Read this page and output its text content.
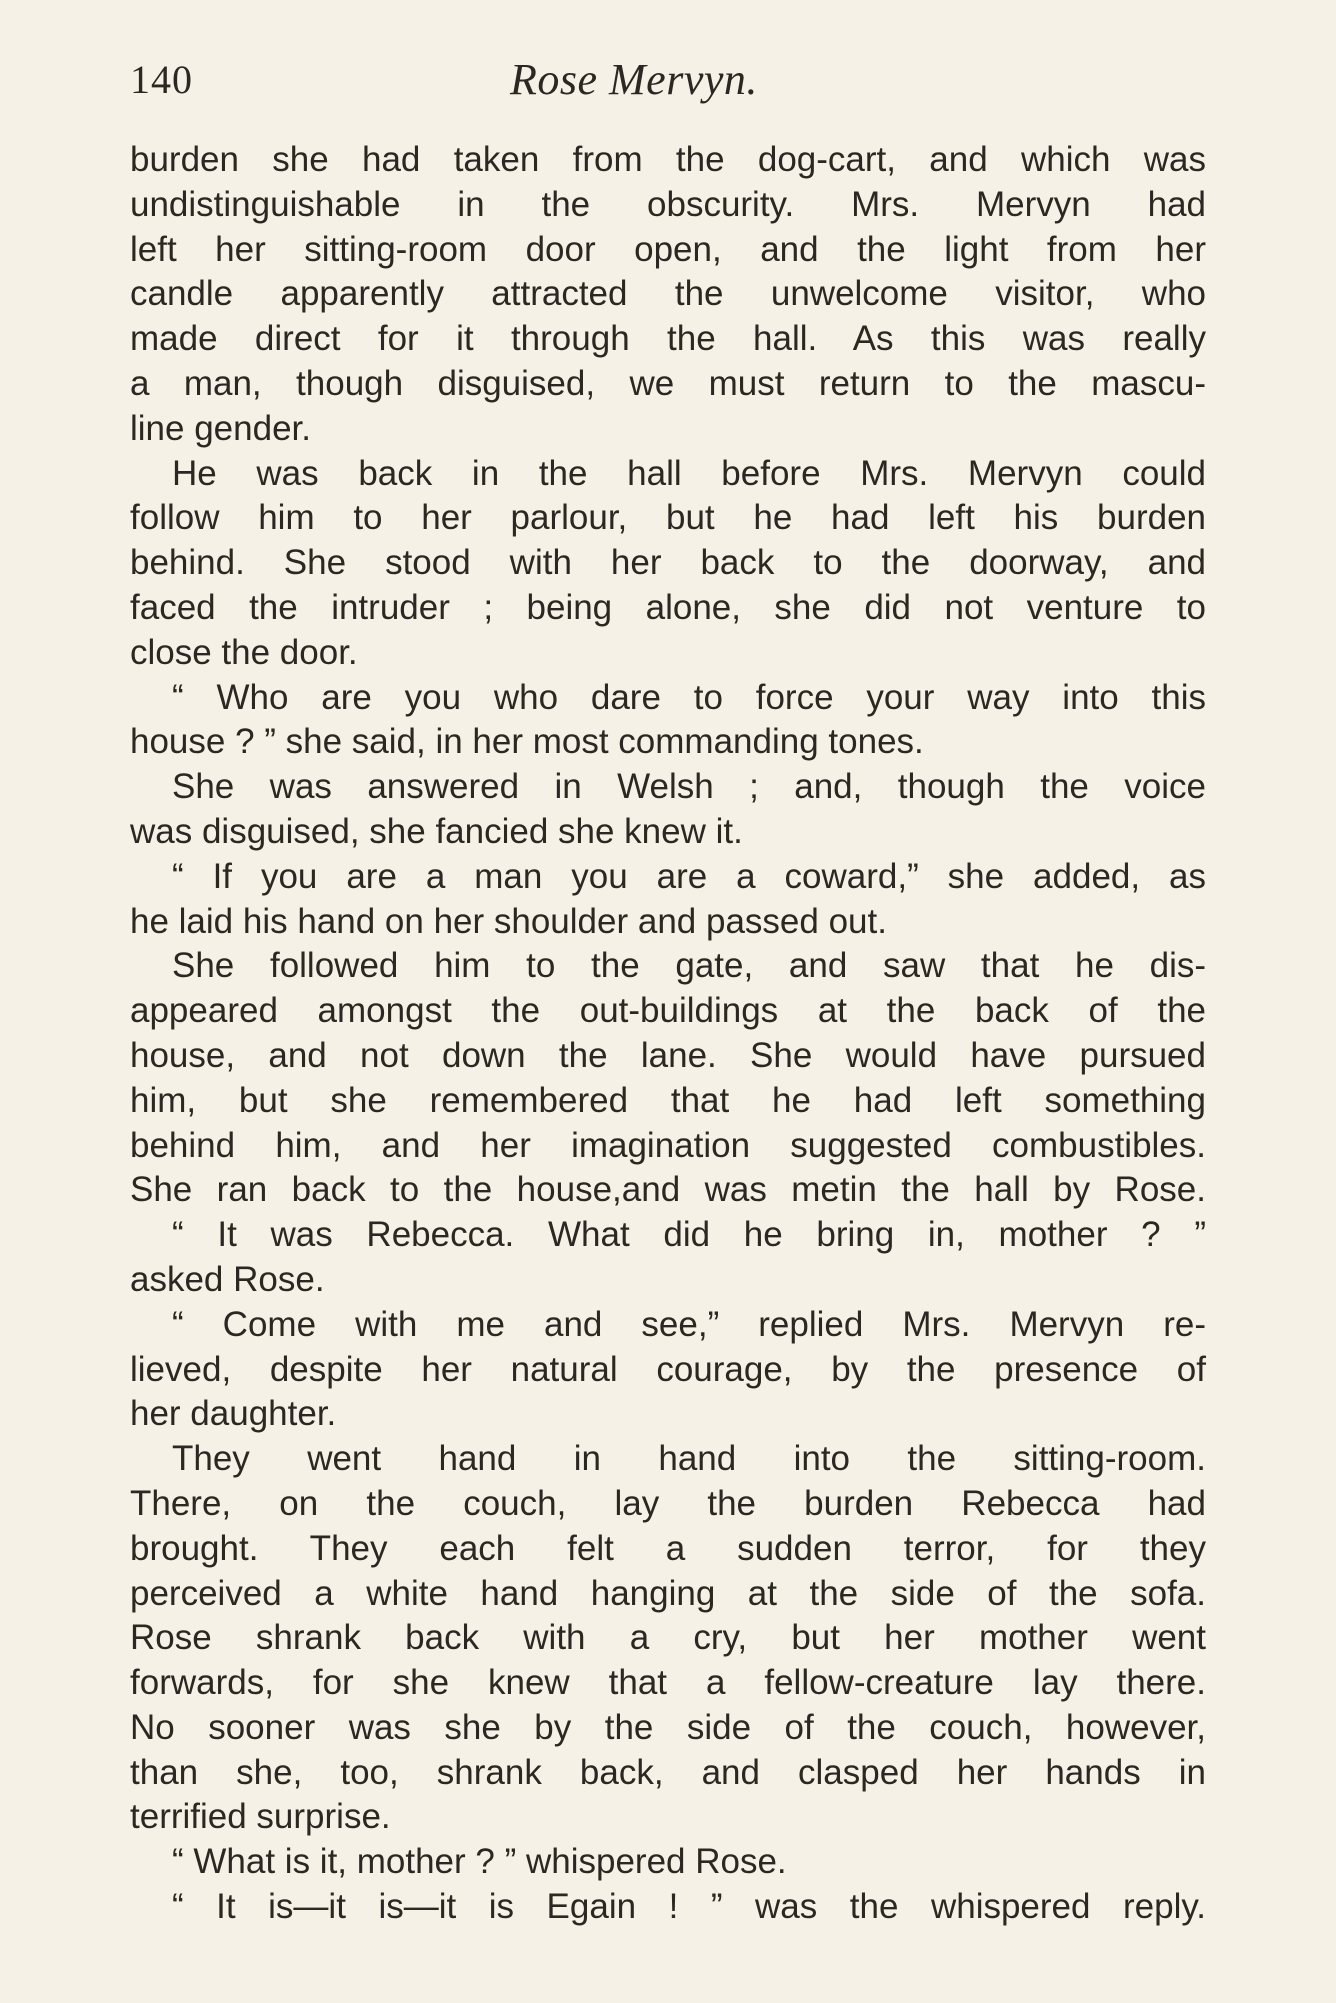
140	Rose Mervyn.
burden she had taken from the dog-cart, and which was
undistinguishable in the obscurity. Mrs. Mervyn had
left her sitting-room door open, and the light from her
candle apparently attracted the unwelcome visitor, who
made direct for it through the hall. As this was really
a man, though disguised, we must return to the mascu-
line gender.
He was back in the hall before Mrs. Mervyn could
follow him to her parlour, but he had left his burden
behind. She stood with her back to the doorway, and
faced the intruder ; being alone, she did not venture to
close the door.
“ Who are you who dare to force your way into this
house ? ” she said, in her most commanding tones.
She was answered in Welsh ; and, though the voice
was disguised, she fancied she knew it.
“ If you are a man you are a coward,” she added, as
he laid his hand on her shoulder and passed out.
She followed him to the gate, and saw that he dis-
appeared amongst the out-buildings at the back of the
house, and not down the lane. She would have pursued
him, but she remembered that he had left something
behind him, and her imagination suggested combustibles.
She ran back to the house,and was metin the hall by Rose.
“ It was Rebecca. What did he bring in, mother ? ”
asked Rose.
“ Come with me and see,” replied Mrs. Mervyn re-
lieved, despite her natural courage, by the presence of
her daughter.
They went hand in hand into the sitting-room.
There, on the couch, lay the burden Rebecca had
brought. They each felt a sudden terror, for they
perceived a white hand hanging at the side of the sofa.
Rose shrank back with a cry, but her mother went
forwards, for she knew that a fellow-creature lay there.
No sooner was she by the side of the couch, however,
than she, too, shrank back, and clasped her hands in
terrified surprise.
“ What is it, mother ? ” whispered Rose.
“ It is—it is—it is Egain ! ” was the whispered reply.
